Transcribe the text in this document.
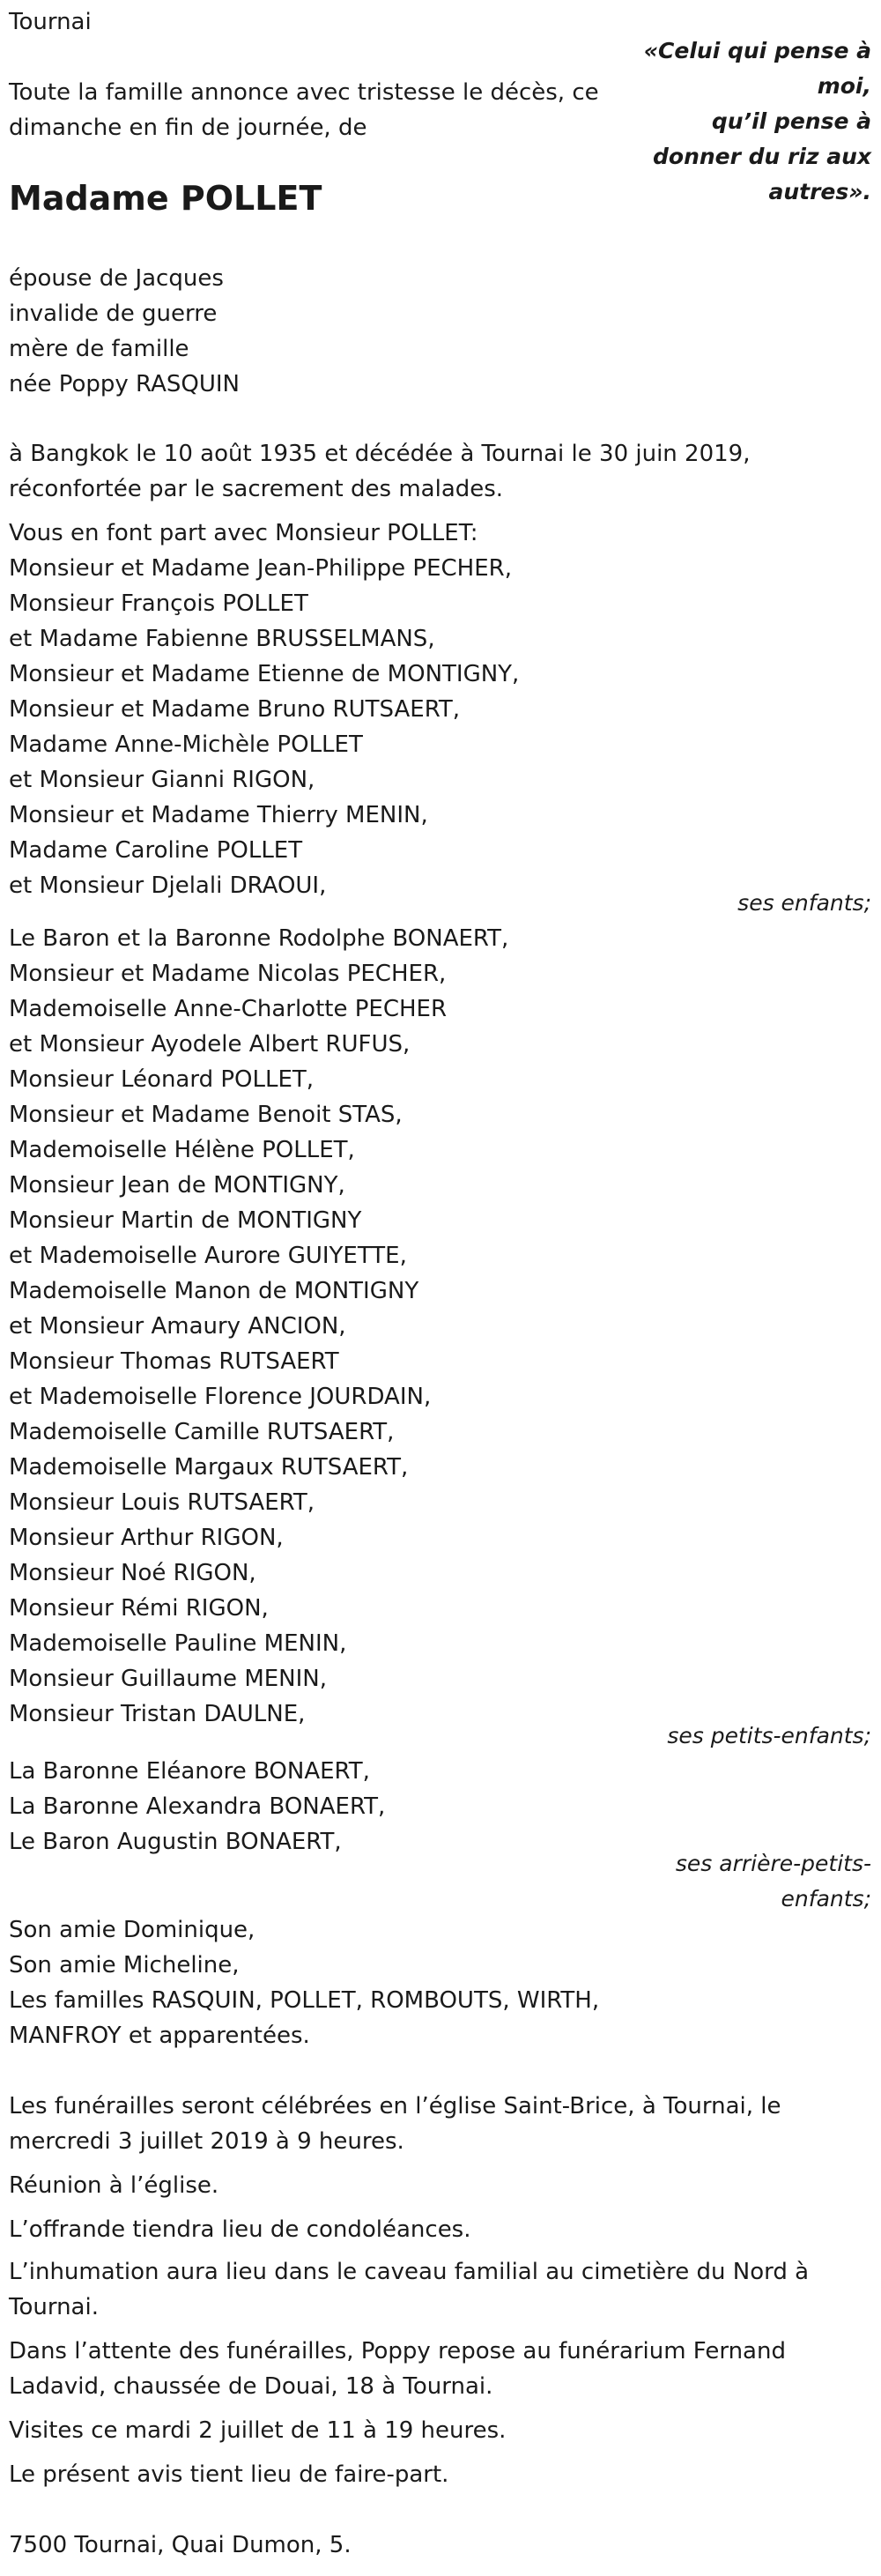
Tournai

«Celui qui pense à
moi,
qu’il pense à
donner du riz aux
autres».
Toute la famille annonce avec tristesse le décès, ce
dimanche en fin de journée, de
Madame POLLET
épouse de Jacques
invalide de guerre
mère de famille
née Poppy RASQUIN
à Bangkok le 10 août 1935 et décédée à Tournai le 30 juin 2019,
réconfortée par le sacrement des malades.

Vous en font part avec Monsieur POLLET:

Monsieur et Madame Jean-Philippe PECHER,
Monsieur François POLLET
et Madame Fabienne BRUSSELMANS,
Monsieur et Madame Etienne de MONTIGNY,
Monsieur et Madame Bruno RUTSAERT,
Madame Anne-Michèle POLLET
et Monsieur Gianni RIGON,
Monsieur et Madame Thierry MENIN,
Madame Caroline POLLET
et Monsieur Djelali DRAOUI,

ses enfants;

Le Baron et la Baronne Rodolphe BONAERT,
Monsieur et Madame Nicolas PECHER,
Mademoiselle Anne-Charlotte PECHER
et Monsieur Ayodele Albert RUFUS,
Monsieur Léonard POLLET,
Monsieur et Madame Benoit STAS,
Mademoiselle Hélène POLLET,
Monsieur Jean de MONTIGNY,
Monsieur Martin de MONTIGNY
et Mademoiselle Aurore GUIYETTE,
Mademoiselle Manon de MONTIGNY
et Monsieur Amaury ANCION,
Monsieur Thomas RUTSAERT
et Mademoiselle Florence JOURDAIN,
Mademoiselle Camille RUTSAERT,
Mademoiselle Margaux RUTSAERT,
Monsieur Louis RUTSAERT,
Monsieur Arthur RIGON,
Monsieur Noé RIGON,
Monsieur Rémi RIGON,
Mademoiselle Pauline MENIN,
Monsieur Guillaume MENIN,
Monsieur Tristan DAULNE,

ses petits-enfants;

La Baronne Eléanore BONAERT,
La Baronne Alexandra BONAERT,
Le Baron Augustin BONAERT,
ses arrière-petits-
enfants;
Son amie Dominique,
Son amie Micheline,
Les familles RASQUIN, POLLET, ROMBOUTS, WIRTH,
MANFROY et apparentées.
Les funérailles seront célébrées en l’église Saint-Brice, à Tournai, le
mercredi 3 juillet 2019 à 9 heures.

Réunion à l’église.

L’offrande tiendra lieu de condoléances.

L’inhumation aura lieu dans le caveau familial au cimetière du Nord à
Tournai.
Dans l’attente des funérailles, Poppy repose au funérarium Fernand
Ladavid, chaussée de Douai, 18 à Tournai.

Visites ce mardi 2 juillet de 11 à 19 heures.

Le présent avis tient lieu de faire-part.

7500 Tournai, Quai Dumon, 5.
